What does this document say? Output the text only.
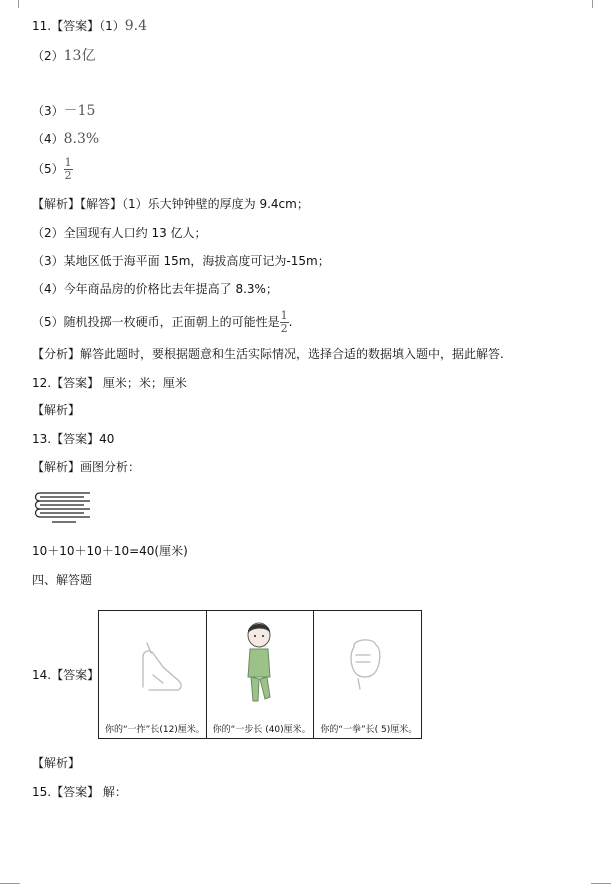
11.【答案】（1）9.4
（2）13亿
（3）－15
（4）8.3%
$(5) \frac{1}{2}$
【解析】【解答】（1）乐大钟钟壁的厚度为 9.4cm；
（2）全国现有人口约 13 亿人；
（3）某地区低于海平面 15m，海拔高度可记为-15m；
（4）今年商品房的价格比去年提高了 8.3%；
（5）随机投掷一枚硬币，正面朝上的可能性是 $\frac{1}{2}$ .
【分析】解答此题时，要根据题意和生活实际情况，选择合适的数据填入题中，据此解答.
12.【答案】 厘米；米；厘米
【解析】
13.【答案】40
【解析】画图分析：
10＋10＋10＋10=40(厘米)
四、解答题
14.【答案】
你的“一拃”长(12)厘米。 你的“一步长 (40)厘米。 你的“一拳”长( 5)厘米。
【解析】
15.【答案】 解：
